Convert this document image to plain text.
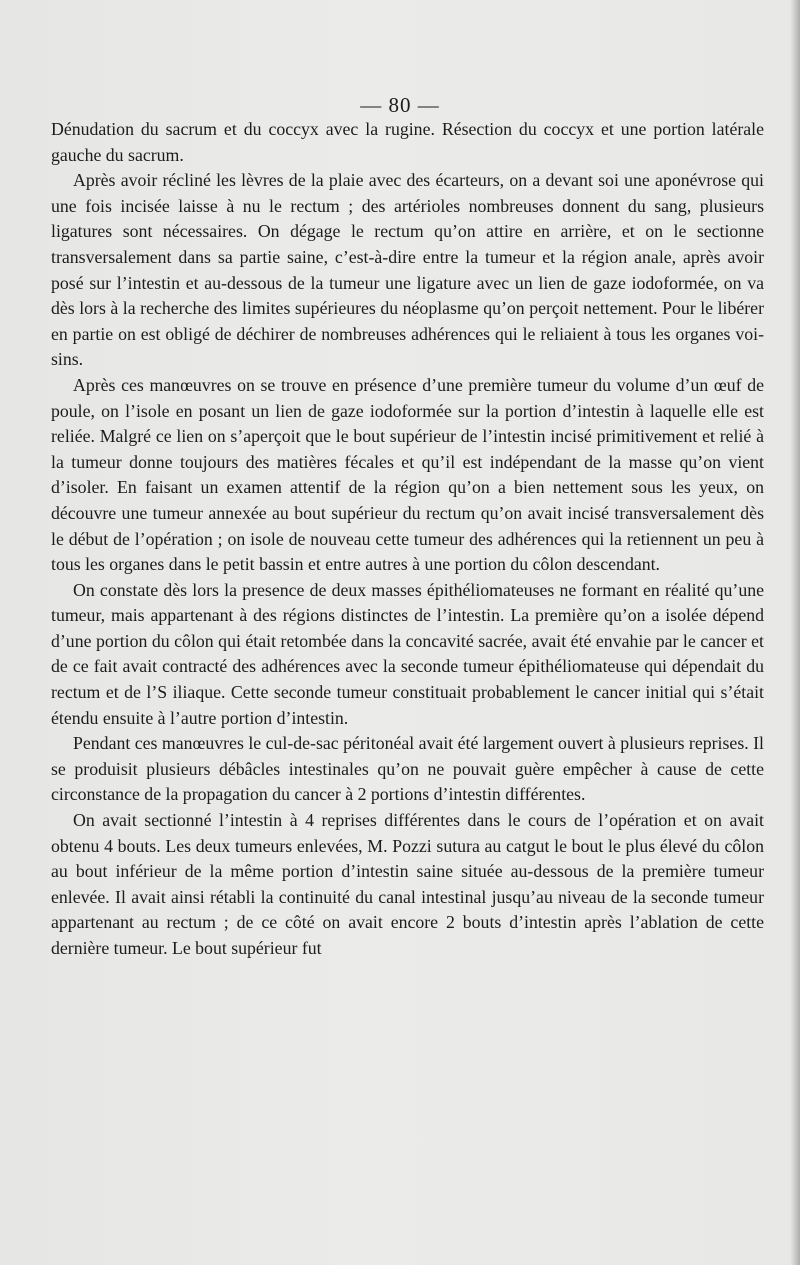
— 80 —

Dénudation du sacrum et du coccyx avec la rugine. Résection du coccyx et une portion latérale gauche du sacrum.

Après avoir récliné les lèvres de la plaie avec des écarteurs, on a devant soi une aponévrose qui une fois incisée laisse à nu le rectum ; des artérioles nombreuses donnent du sang, plusieurs ligatures sont nécessaires. On dégage le rectum qu’on attire en arrière, et on le sectionne transversalement dans sa partie saine, c’est-à-dire entre la tumeur et la région anale, après avoir posé sur l’intestin et au-dessous de la tumeur une ligature avec un lien de gaze iodoformée, on va dès lors à la recherche des limites supérieures du néoplasme qu’on perçoit nettement. Pour le libérer en partie on est obligé de déchirer de nombreuses adhérences qui le reliaient à tous les organes voisins.

Après ces manœuvres on se trouve en présence d’une première tumeur du volume d’un œuf de poule, on l’isole en posant un lien de gaze iodoformée sur la portion d’intestin à laquelle elle est reliée. Malgré ce lien on s’aperçoit que le bout supérieur de l’intestin incisé primitivement et relié à la tumeur donne toujours des matières fécales et qu’il est indépendant de la masse qu’on vient d’isoler. En faisant un examen attentif de la région qu’on a bien nettement sous les yeux, on découvre une tumeur annexée au bout supérieur du rectum qu’on avait incisé transversalement dès le début de l’opération ; on isole de nouveau cette tumeur des adhérences qui la retiennent un peu à tous les organes dans le petit bassin et entre autres à une portion du côlon descendant.

On constate dès lors la presence de deux masses épithéliomateuses ne formant en réalité qu’une tumeur, mais appartenant à des régions distinctes de l’intestin. La première qu’on a isolée dépend d’une portion du côlon qui était retombée dans la concavité sacrée, avait été envahie par le cancer et de ce fait avait contracté des adhérences avec la seconde tumeur épithéliomateuse qui dépendait du rectum et de l’S iliaque. Cette seconde tumeur constituait probablement le cancer initial qui s’était étendu ensuite à l’autre portion d’intestin.

Pendant ces manœuvres le cul-de-sac péritonéal avait été largement ouvert à plusieurs reprises. Il se produisit plusieurs débâcles intestinales qu’on ne pouvait guère empêcher à cause de cette circonstance de la propagation du cancer à 2 portions d’intestin différentes.

On avait sectionné l’intestin à 4 reprises différentes dans le cours de l’opération et on avait obtenu 4 bouts. Les deux tumeurs enlevées, M. Pozzi sutura au catgut le bout le plus élevé du côlon au bout inférieur de la même portion d’intestin saine située au-dessous de la première tumeur enlevée. Il avait ainsi rétabli la continuité du canal intestinal jusqu’au niveau de la seconde tumeur appartenant au rectum ; de ce côté on avait encore 2 bouts d’intestin après l’ablation de cette dernière tumeur. Le bout supérieur fut
